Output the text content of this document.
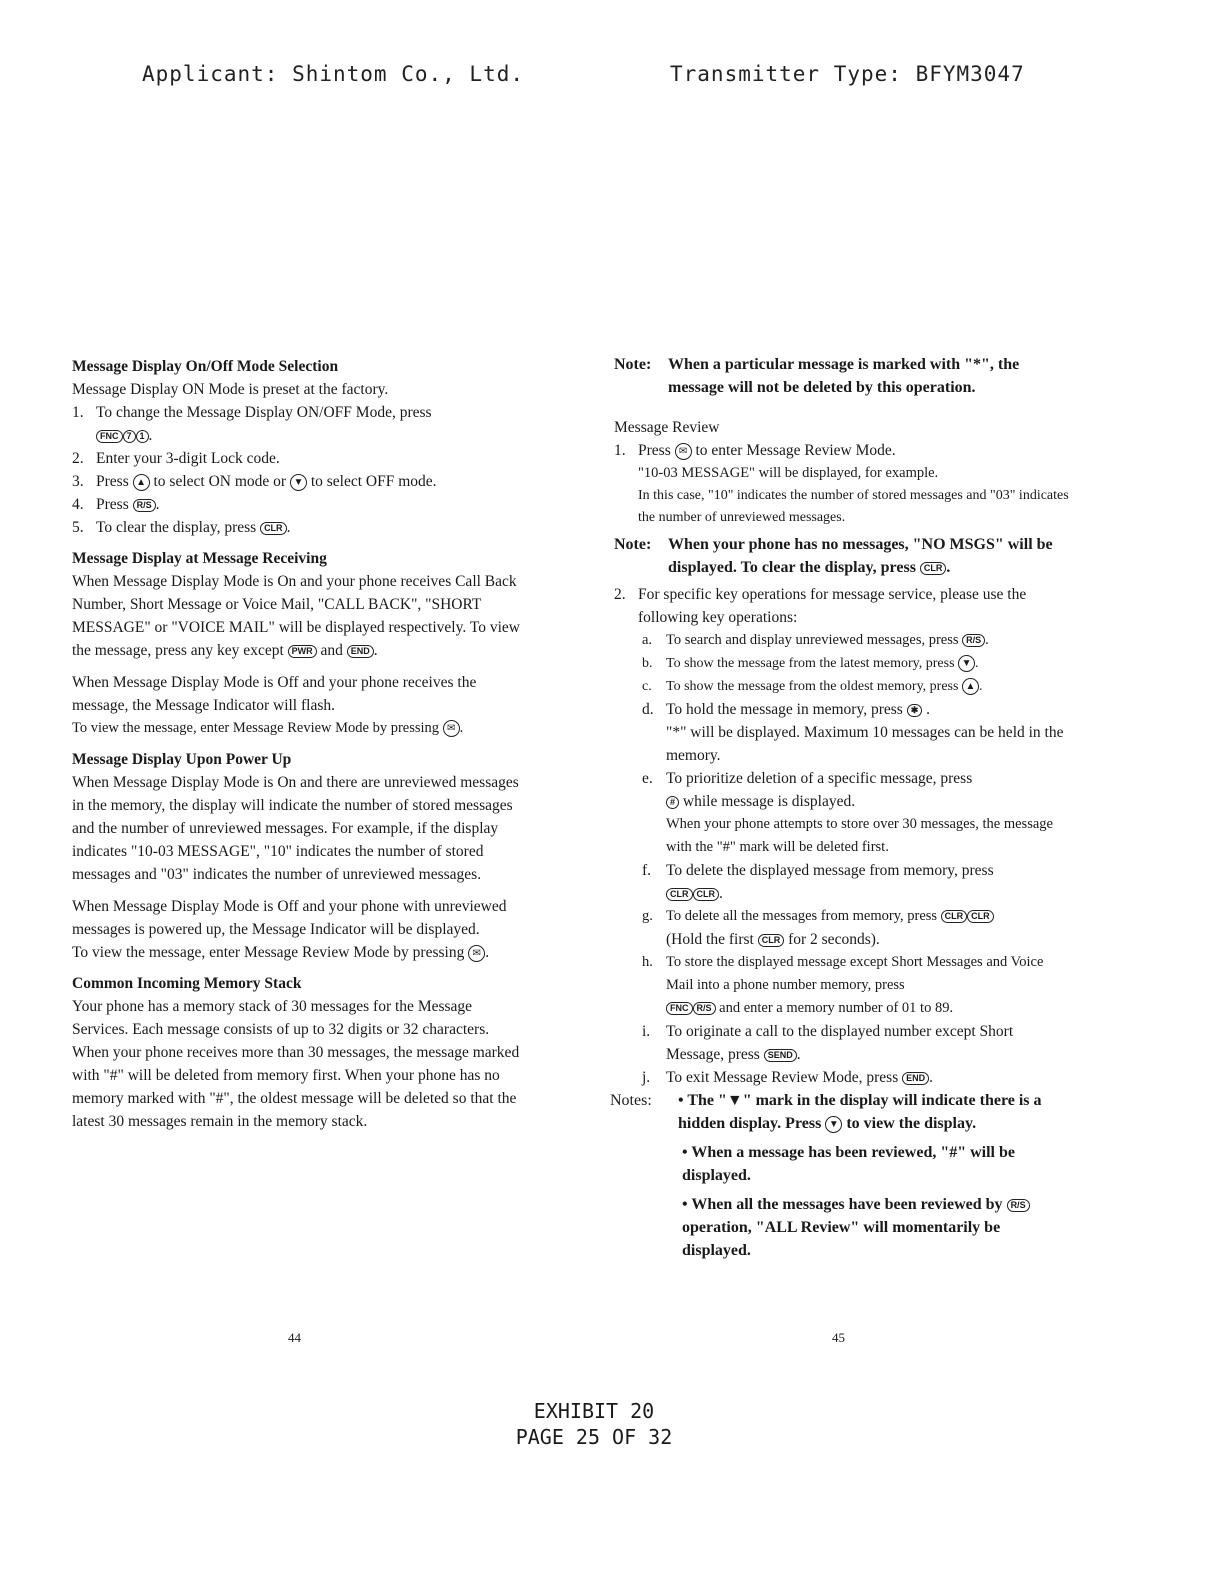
Applicant: Shintom Co., Ltd.	Transmitter Type: BFYM3047

Message Display On/Off Mode Selection

Message Display ON Mode is preset at the factory.

1. To change the Message Display ON/OFF Mode, press

FNC 7 1 .

2. Enter your 3-digit Lock code.

3. Press ▲ to select ON mode or ▼ to select OFF mode.

4. Press R/S .

5. To clear the display, press CLR .

Message Display at Message Receiving

When Message Display Mode is On and your phone receives Call Back Number, Short Message or Voice Mail, "CALL BACK", "SHORT MESSAGE" or "VOICE MAIL" will be displayed respectively. To view the message, press any key except PWR and END .

When Message Display Mode is Off and your phone receives the message, the Message Indicator will flash.

To view the message, enter Message Review Mode by pressing ✉ .

Message Display Upon Power Up

When Message Display Mode is On and there are unreviewed messages in the memory, the display will indicate the number of stored messages and the number of unreviewed messages. For example, if the display indicates "10-03 MESSAGE", "10" indicates the number of stored messages and "03" indicates the number of unreviewed messages.

When Message Display Mode is Off and your phone with unreviewed messages is powered up, the Message Indicator will be displayed.

To view the message, enter Message Review Mode by pressing ✉ .

Common Incoming Memory Stack

Your phone has a memory stack of 30 messages for the Message Services. Each message consists of up to 32 digits or 32 characters.

When your phone receives more than 30 messages, the message marked with "#" will be deleted from memory first. When your phone has no memory marked with "#", the oldest message will be deleted so that the latest 30 messages remain in the memory stack.

Note: When a particular message is marked with "*", the message will not be deleted by this operation.

Message Review

1. Press ✉ to enter Message Review Mode.

"10-03 MESSAGE" will be displayed, for example.

In this case, "10" indicates the number of stored messages and "03" indicates the number of unreviewed messages.

Note: When your phone has no messages, "NO MSGS" will be displayed. To clear the display, press CLR .

2. For specific key operations for message service, please use the following key operations:

a. To search and display unreviewed messages, press R/S .

b. To show the message from the latest memory, press ▼ .

c. To show the message from the oldest memory, press ▲ .

d. To hold the message in memory, press ✱ .

"*" will be displayed. Maximum 10 messages can be held in the memory.

e. To prioritize deletion of a specific message, press

# while message is displayed.

When your phone attempts to store over 30 messages, the message with the "#" mark will be deleted first.

f. To delete the displayed message from memory, press

CLR CLR .

g. To delete all the messages from memory, press CLR CLR

(Hold the first CLR for 2 seconds).

h. To store the displayed message except Short Messages and Voice Mail into a phone number memory, press

FNC R/S and enter a memory number of 01 to 89.

i. To originate a call to the displayed number except Short Message, press SEND .

j. To exit Message Review Mode, press END .

Notes: • The "▼" mark in the display will indicate there is a hidden display. Press ▼ to view the display.

• When a message has been reviewed, "#" will be displayed.

• When all the messages have been reviewed by R/Soperation, "ALL Review" will momentarily be displayed.

44	45
EXHIBIT 20
PAGE 25 OF 32
